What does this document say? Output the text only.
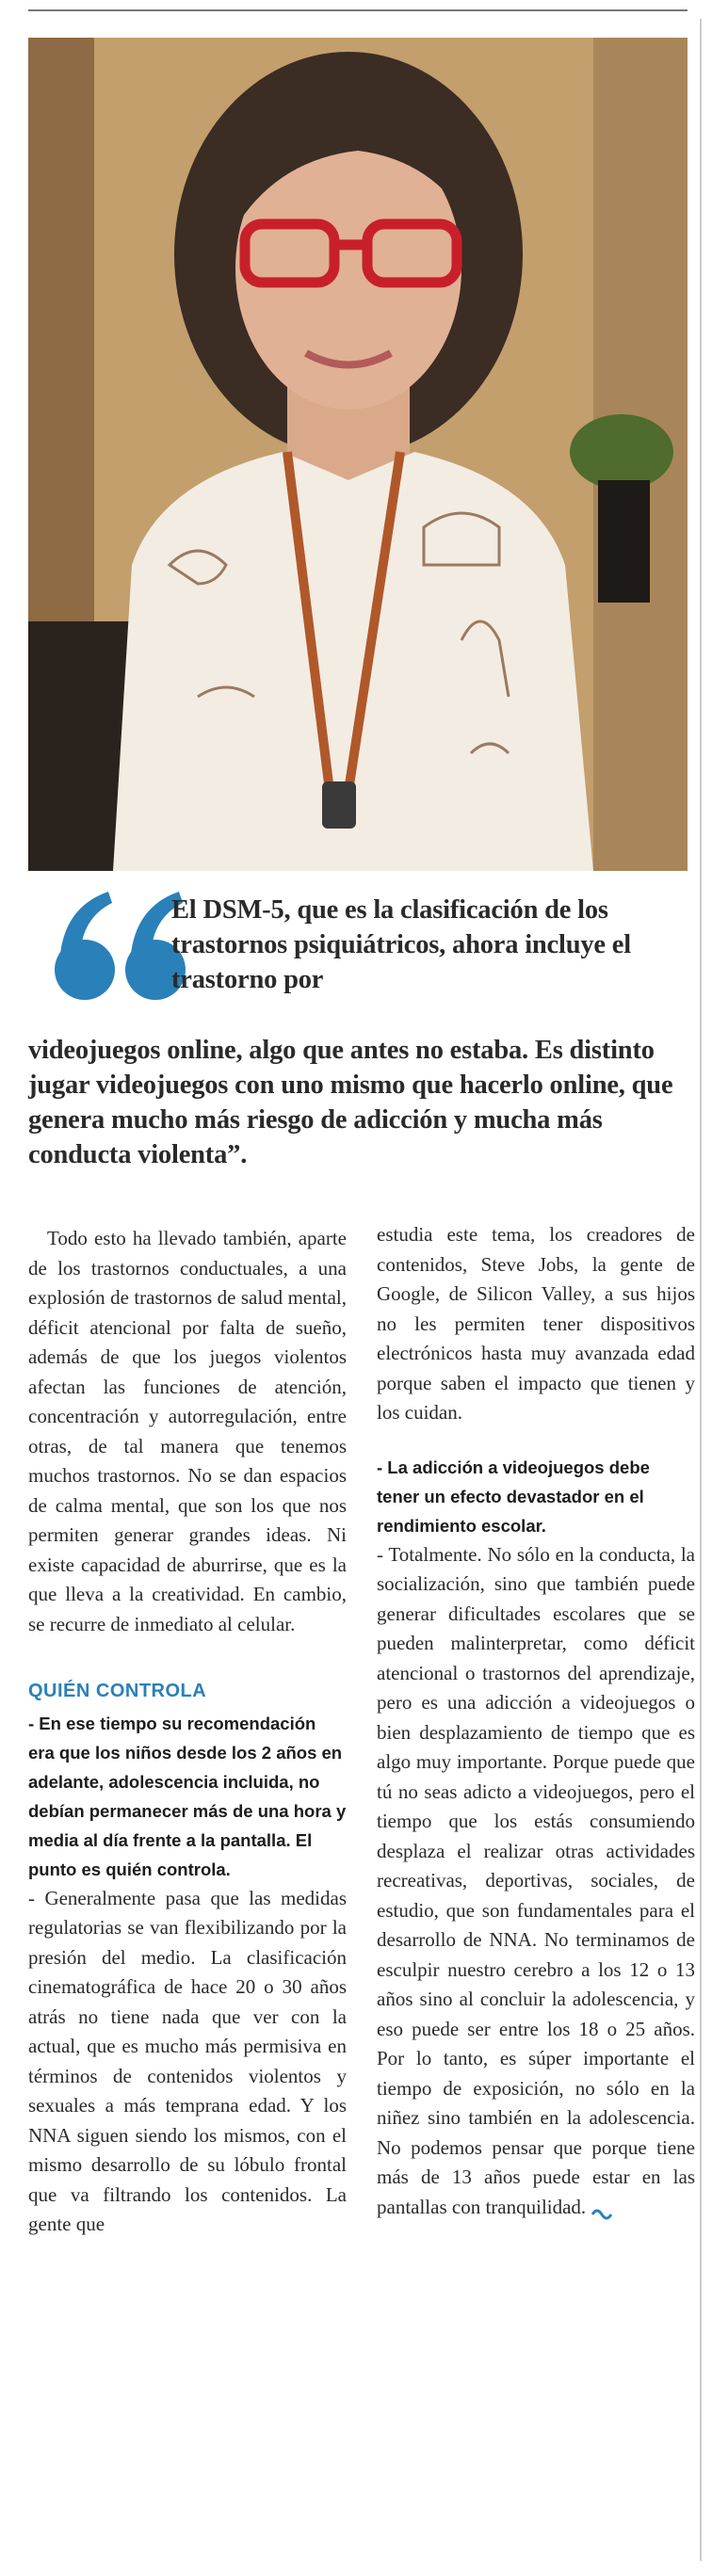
El DSM-5, que es la clasificación de los trastornos psiquiátricos, ahora incluye el trastorno por
videojuegos online, algo que antes no estaba. Es distinto jugar videojuegos con uno mismo que hacerlo online, que genera mucho más riesgo de adicción y mucha más conducta violenta”.

Todo esto ha llevado también, aparte de los trastornos conductuales, a una explosión de trastornos de salud mental, déficit atencional por falta de sueño, además de que los juegos violentos afectan las funciones de atención, concentración y autorregulación, entre otras, de tal manera que tenemos muchos trastornos. No se dan espacios de calma mental, que son los que nos permiten generar grandes ideas. Ni existe capacidad de aburrirse, que es la que lleva a la creatividad. En cambio, se recurre de inmediato al celular.

QUIÉN CONTROLA

- En ese tiempo su recomendación era que los niños desde los 2 años en adelante, adolescencia incluida, no debían permanecer más de una hora y media al día frente a la pantalla. El punto es quién controla.

- Generalmente pasa que las medidas regulatorias se van flexibilizando por la presión del medio. La clasificación cinematográfica de hace 20 o 30 años atrás no tiene nada que ver con la actual, que es mucho más permisiva en términos de contenidos violentos y sexuales a más temprana edad. Y los NNA siguen siendo los mismos, con el mismo desarrollo de su lóbulo frontal que va filtrando los contenidos. La gente que

estudia este tema, los creadores de contenidos, Steve Jobs, la gente de Google, de Silicon Valley, a sus hijos no les permiten tener dispositivos electrónicos hasta muy avanzada edad porque saben el impacto que tienen y los cuidan.

- La adicción a videojuegos debe tener un efecto devastador en el rendimiento escolar.

- Totalmente. No sólo en la conducta, la socialización, sino que también puede generar dificultades escolares que se pueden malinterpretar, como déficit atencional o trastornos del aprendizaje, pero es una adicción a videojuegos o bien desplazamiento de tiempo que es algo muy importante. Porque puede que tú no seas adicto a videojuegos, pero el tiempo que los estás consumiendo desplaza el realizar otras actividades recreativas, deportivas, sociales, de estudio, que son fundamentales para el desarrollo de NNA. No terminamos de esculpir nuestro cerebro a los 12 o 13 años sino al concluir la adolescencia, y eso puede ser entre los 18 o 25 años. Por lo tanto, es súper importante el tiempo de exposición, no sólo en la niñez sino también en la adolescencia. No podemos pensar que porque tiene más de 13 años puede estar en las pantallas con tranquilidad.
